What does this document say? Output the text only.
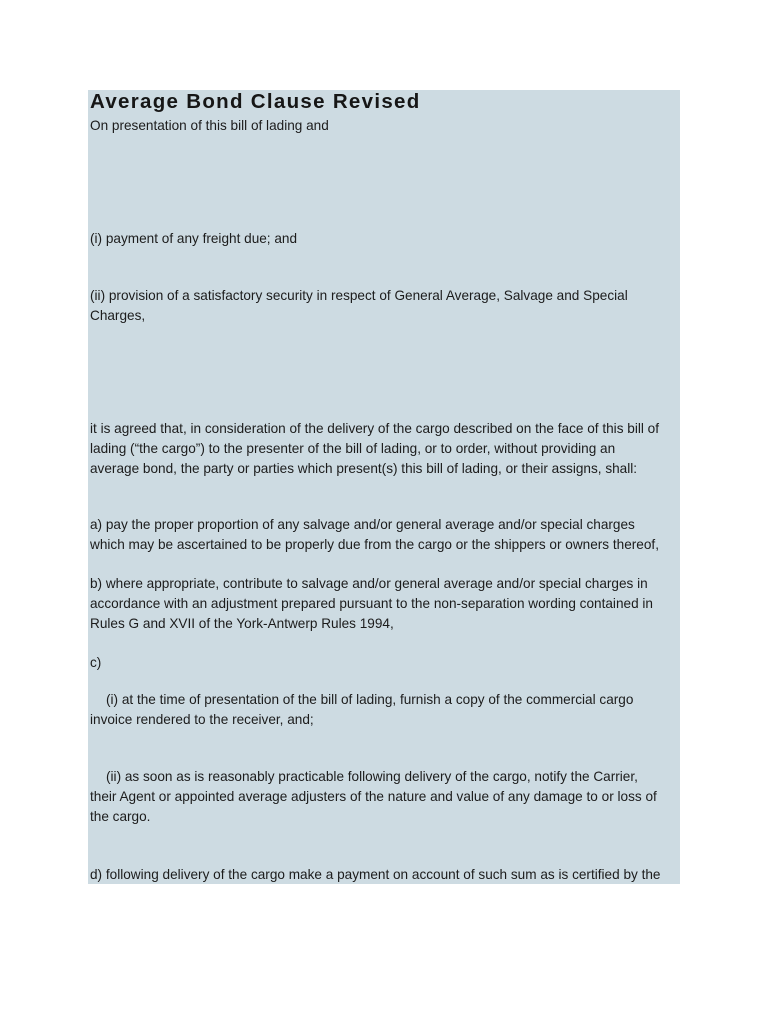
Average Bond Clause Revised

On presentation of this bill of lading and

(i) payment of any freight due; and

(ii) provision of a satisfactory security in respect of General Average, Salvage and Special
Charges,

it is agreed that, in consideration of the delivery of the cargo described on the face of this bill of
lading (“the cargo”) to the presenter of the bill of lading, or to order, without providing an
average bond, the party or parties which present(s) this bill of lading, or their assigns, shall:

a) pay the proper proportion of any salvage and/or general average and/or special charges
which may be ascertained to be properly due from the cargo or the shippers or owners thereof,

b) where appropriate, contribute to salvage and/or general average and/or special charges in
accordance with an adjustment prepared pursuant to the non-separation wording contained in
Rules G and XVII of the York-Antwerp Rules 1994,

c)

(i) at the time of presentation of the bill of lading, furnish a copy of the commercial cargo
invoice rendered to the receiver, and;

(ii) as soon as is reasonably practicable following delivery of the cargo, notify the Carrier,
their Agent or appointed average adjusters of the nature and value of any damage to or loss of
the cargo.

d) following delivery of the cargo make a payment on account of such sum as is certified by the
